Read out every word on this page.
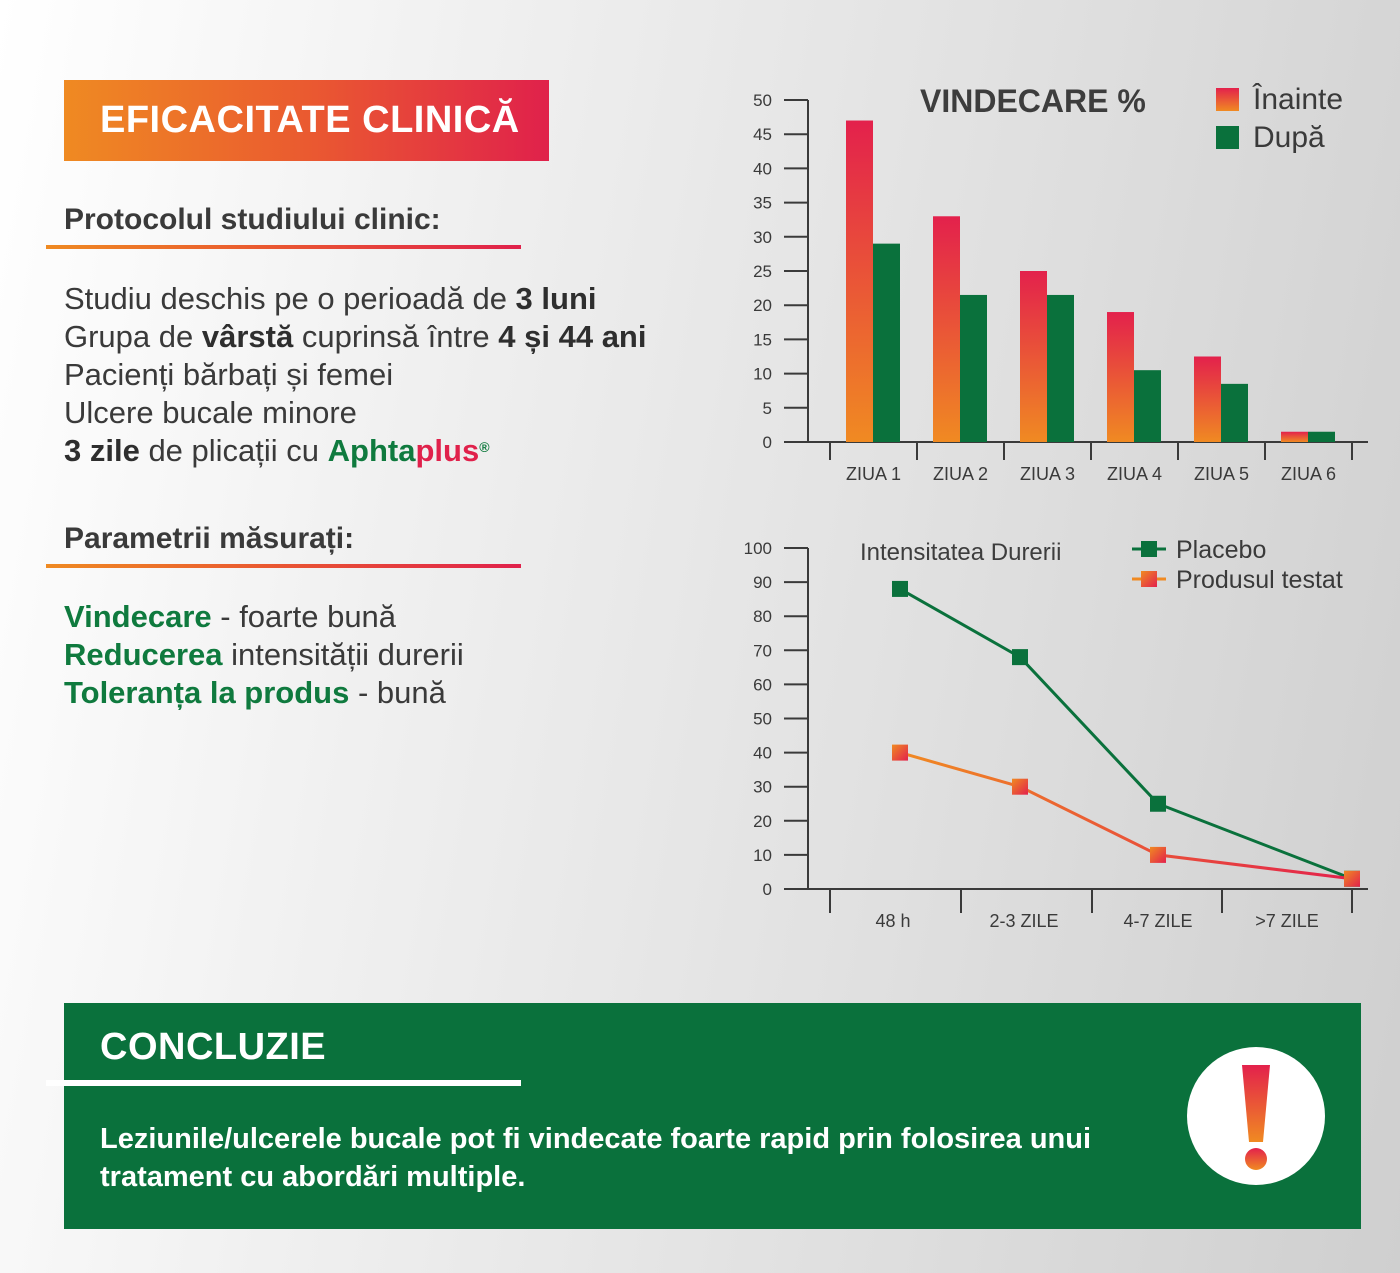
EFICACITATE CLINICĂ
Protocolul studiului clinic:
Studiu deschis pe o perioadă de 3 luni
Grupa de vârstă cuprinsă între 4 și 44 ani
Pacienți bărbați și femei
Ulcere bucale minore
3 zile de plicații cu Aphtaplus®
Parametrii măsurați:
Vindecare - foarte bună
Reducerea intensității durerii
Toleranța la produs - bună
VINDECARE %	Înainte
După
0
5
10
15
20
25
30
35
40
45
50
ZIUA 1 ZIUA 2 ZIUA 3 ZIUA 4 ZIUA 5 ZIUA 6
Intensitatea Durerii	Placebo
Produsul testat
0
10
20
30
40
50
60
70
80
90
100
48 h	2-3 ZILE	4-7 ZILE	>7 ZILE
CONCLUZIE
Leziunile/ulcerele bucale pot fi vindecate foarte rapid prin folosirea unui tratament cu abordări multiple.
